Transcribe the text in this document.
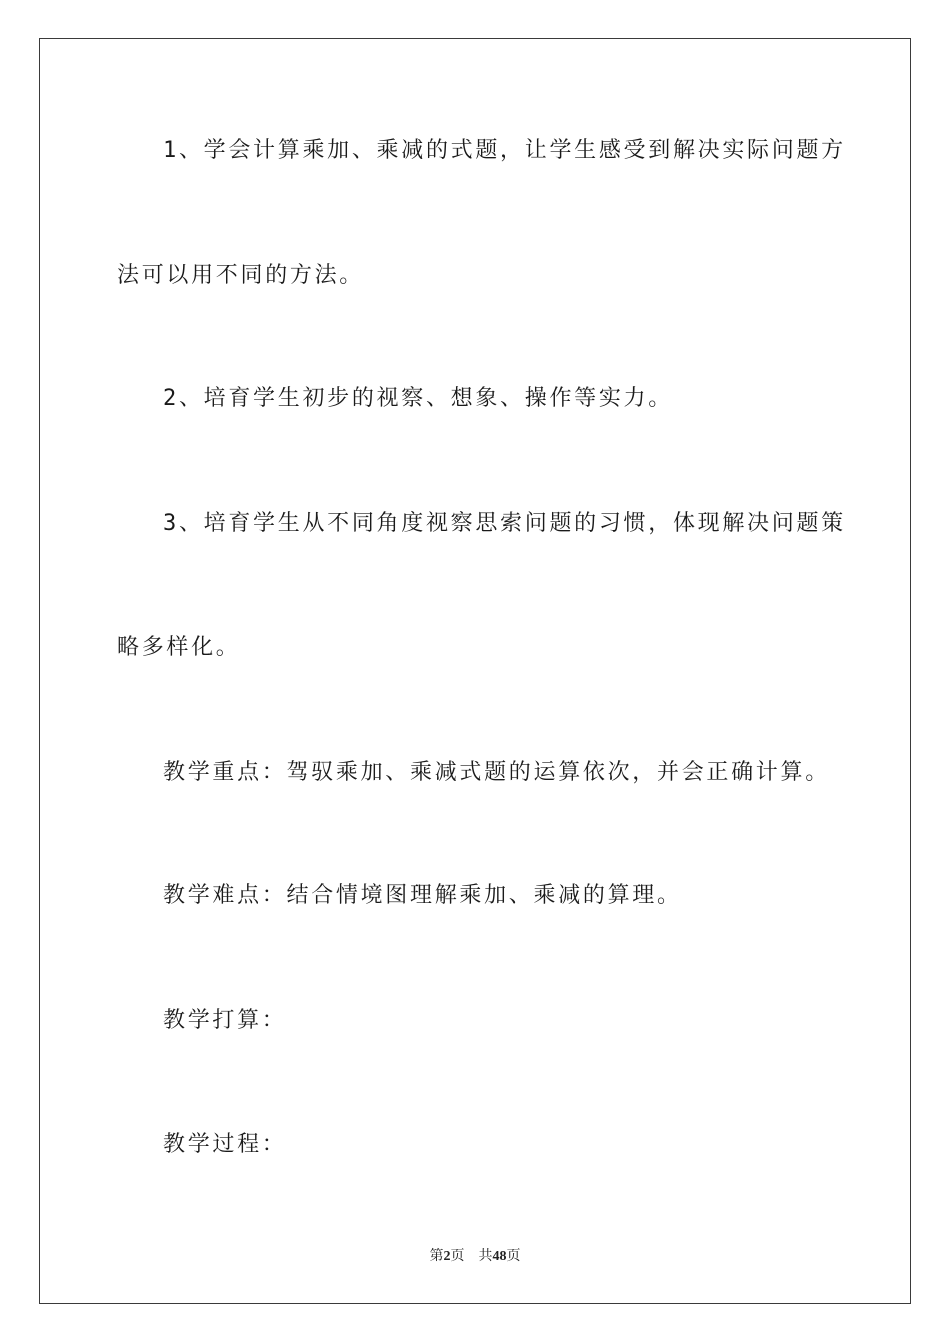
1、学会计算乘加、乘减的式题，让学生感受到解决实际问题方

法可以用不同的方法。

2、培育学生初步的视察、想象、操作等实力。

3、培育学生从不同角度视察思索问题的习惯，体现解决问题策

略多样化。

教学重点：驾驭乘加、乘减式题的运算依次，并会正确计算。

教学难点：结合情境图理解乘加、乘减的算理。

教学打算：

教学过程：

第2页 共48页
